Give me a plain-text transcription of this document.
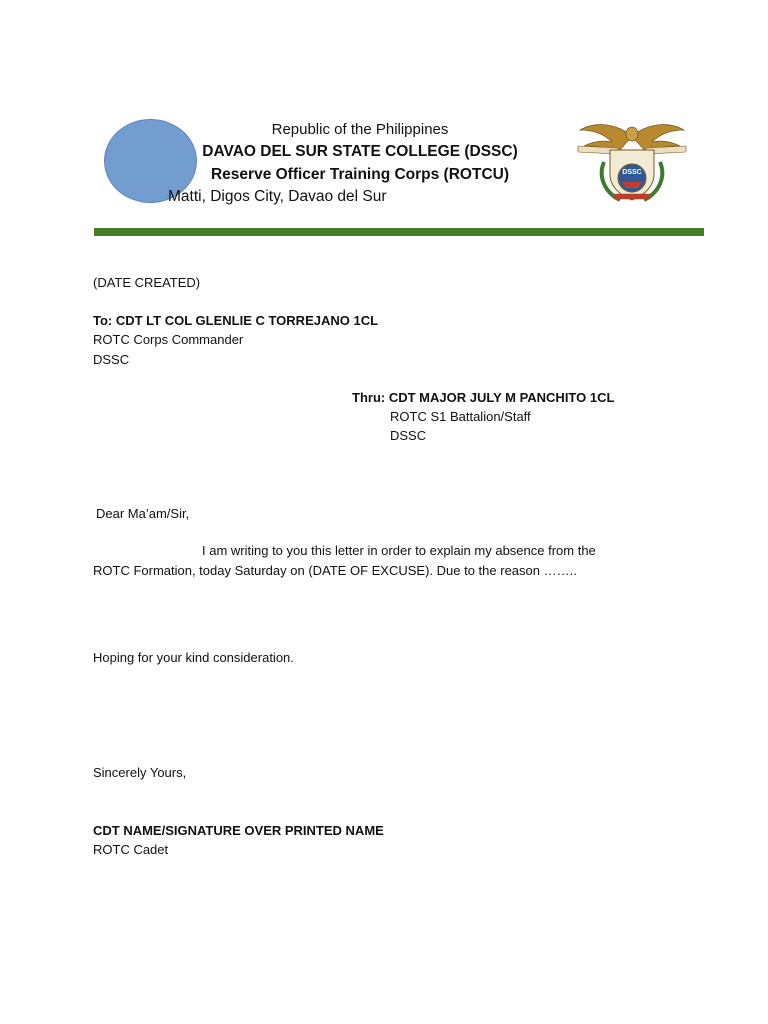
Republic of the Philippines
DAVAO DEL SUR STATE COLLEGE (DSSC)
Reserve Officer Training Corps (ROTCU)
Matti, Digos City, Davao del Sur
DSSC
(DATE CREATED)
To: CDT LT COL GLENLIE C TORREJANO 1CL
ROTC Corps Commander
DSSC
Thru: CDT MAJOR JULY M PANCHITO 1CL
ROTC S1 Battalion/Staff
DSSC
Dear Ma’am/Sir,
I am writing to you this letter in order to explain my absence from the
ROTC Formation, today Saturday on (DATE OF EXCUSE). Due to the reason ……..
Hoping for your kind consideration.
Sincerely Yours,
CDT NAME/SIGNATURE OVER PRINTED NAME
ROTC Cadet
